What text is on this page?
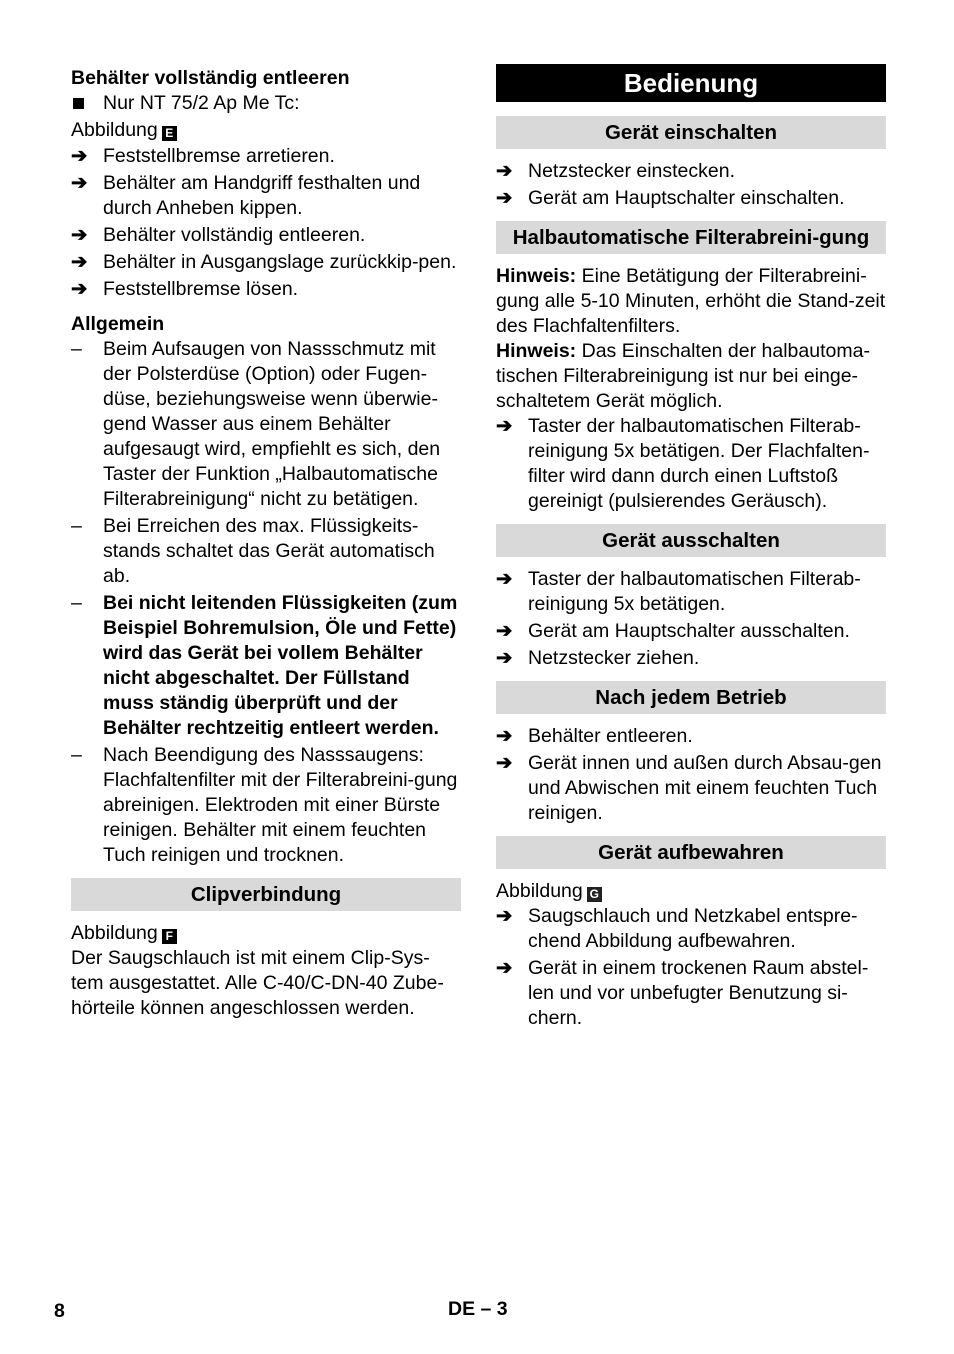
Behälter vollständig entleeren

Nur NT 75/2 Ap Me Tc:

Abbildung E

➔ Feststellbremse arretieren.
➔ Behälter am Handgriff festhalten und durch Anheben kippen.
➔ Behälter vollständig entleeren.
➔ Behälter in Ausgangslage zurückkip-pen.
➔ Feststellbremse lösen.

Allgemein

–	Beim Aufsaugen von Nassschmutz mit der Polsterdüse (Option) oder Fugen-düse, beziehungsweise wenn überwie-gend Wasser aus einem Behälter aufgesaugt wird, empfiehlt es sich, den Taster der Funktion „Halbautomatische Filterabreinigung“ nicht zu betätigen.
–	Bei Erreichen des max. Flüssigkeits-stands schaltet das Gerät automatisch ab.
–	Bei nicht leitenden Flüssigkeiten (zum Beispiel Bohremulsion, Öle und Fette) wird das Gerät bei vollem Behälter nicht abgeschaltet. Der Füllstand muss ständig überprüft und der Behälter rechtzeitig entleert werden.
–	Nach Beendigung des Nasssaugens: Flachfaltenfilter mit der Filterabreini-gung abreinigen. Elektroden mit einer Bürste reinigen. Behälter mit einem feuchten Tuch reinigen und trocknen.
Clipverbindung

Abbildung F

Der Saugschlauch ist mit einem Clip-Sys-tem ausgestattet. Alle C-40/C-DN-40 Zube-hörteile können angeschlossen werden.

Bedienung
Gerät einschalten
➔ Netzstecker einstecken.
➔ Gerät am Hauptschalter einschalten.
Halbautomatische Filterabreini-gung

Hinweis: Eine Betätigung der Filterabreini-gung alle 5-10 Minuten, erhöht die Stand-zeit des Flachfaltenfilters.

Hinweis: Das Einschalten der halbautoma-tischen Filterabreinigung ist nur bei einge-schaltetem Gerät möglich.

➔ Taster der halbautomatischen Filterab-reinigung 5x betätigen. Der Flachfalten-filter wird dann durch einen Luftstoß gereinigt (pulsierendes Geräusch).
Gerät ausschalten
➔ Taster der halbautomatischen Filterab-reinigung 5x betätigen.
➔ Gerät am Hauptschalter ausschalten.
➔ Netzstecker ziehen.
Nach jedem Betrieb
➔ Behälter entleeren.
➔ Gerät innen und außen durch Absau-gen und Abwischen mit einem feuchten Tuch reinigen.
Gerät aufbewahren

Abbildung G

➔ Saugschlauch und Netzkabel entspre-chend Abbildung aufbewahren.
➔ Gerät in einem trockenen Raum abstel-len und vor unbefugter Benutzung si-chern.
8	DE – 3
